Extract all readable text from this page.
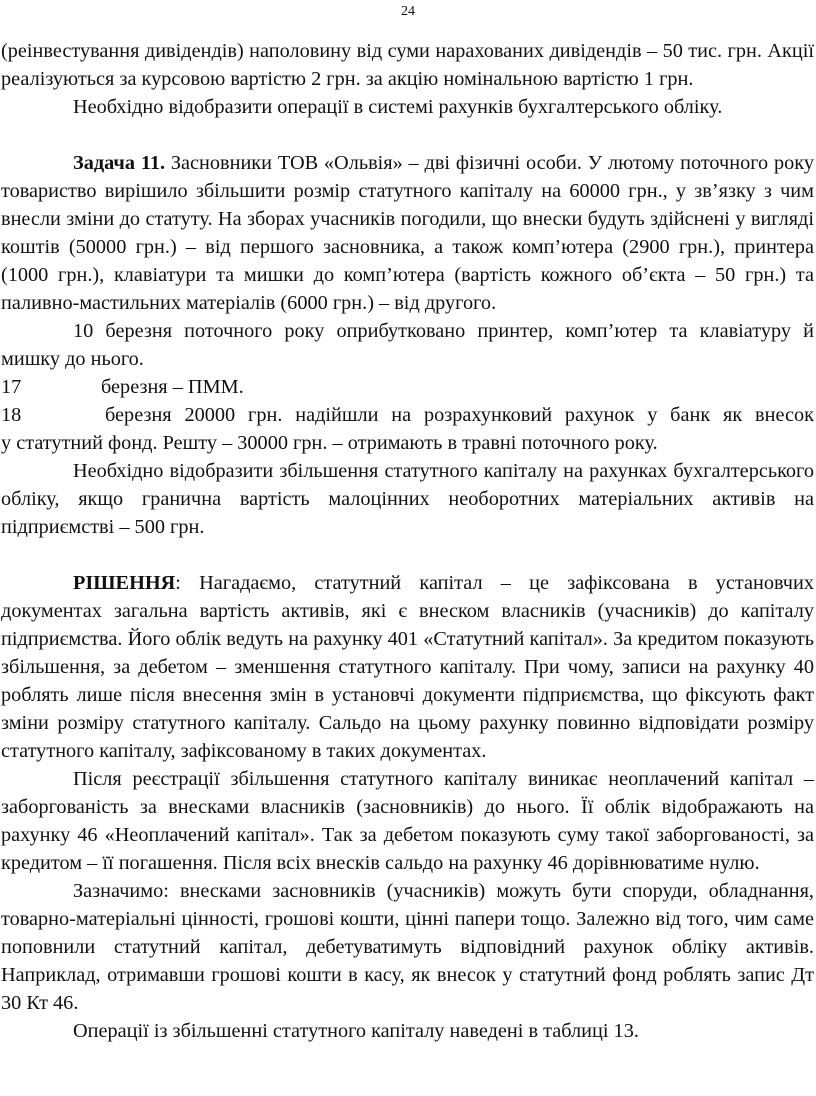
24

(реінвестування дивідендів) наполовину від суми нарахованих дивідендів – 50 тис. грн. Акції реалізуються за курсовою вартістю 2 грн. за акцію номінальною вартістю 1 грн.

Необхідно відобразити операції в системі рахунків бухгалтерського обліку.

Задача 11. Засновники ТОВ «Ольвія» – дві фізичні особи. У лютому поточного року товариство вирішило збільшити розмір статутного капіталу на 60000 грн., у зв’язку з чим внесли зміни до статуту. На зборах учасників погодили, що внески будуть здійснені у вигляді коштів (50000 грн.) – від першого засновника, а також комп’ютера (2900 грн.), принтера (1000 грн.), клавіатури та мишки до комп’ютера (вартість кожного об’єкта – 50 грн.) та паливно-мастильних матеріалів (6000 грн.) – від другого.

10 березня поточного року оприбутковано принтер, комп’ютер та клавіатуру й мишку до нього.

17	березня – ПММ.
18	березня 20000 грн. надійшли на розрахунковий рахунок у банк як внесок

у статутний фонд. Решту – 30000 грн. – отримають в травні поточного року.

Необхідно відобразити збільшення статутного капіталу на рахунках бухгалтерського обліку, якщо гранична вартість малоцінних необоротних матеріальних активів на підприємстві – 500 грн.

РІШЕННЯ: Нагадаємо, статутний капітал – це зафіксована в установчих документах загальна вартість активів, які є внеском власників (учасників) до капіталу підприємства. Його облік ведуть на рахунку 401 «Статутний капітал». За кредитом показують збільшення, за дебетом – зменшення статутного капіталу. При чому, записи на рахунку 40 роблять лише після внесення змін в установчі документи підприємства, що фіксують факт зміни розміру статутного капіталу. Сальдо на цьому рахунку повинно відповідати розміру статутного капіталу, зафіксованому в таких документах.

Після реєстрації збільшення статутного капіталу виникає неоплачений капітал – заборгованість за внесками власників (засновників) до нього. Її облік відображають на рахунку 46 «Неоплачений капітал». Так за дебетом показують суму такої заборгованості, за кредитом – її погашення. Після всіх внесків сальдо на рахунку 46 дорівнюватиме нулю.

Зазначимо: внесками засновників (учасників) можуть бути споруди, обладнання, товарно-матеріальні цінності, грошові кошти, цінні папери тощо. Залежно від того, чим саме поповнили статутний капітал, дебетуватимуть відповідний рахунок обліку активів. Наприклад, отримавши грошові кошти в касу, як внесок у статутний фонд роблять запис Дт 30 Кт 46.

Операції із збільшенні статутного капіталу наведені в таблиці 13.
